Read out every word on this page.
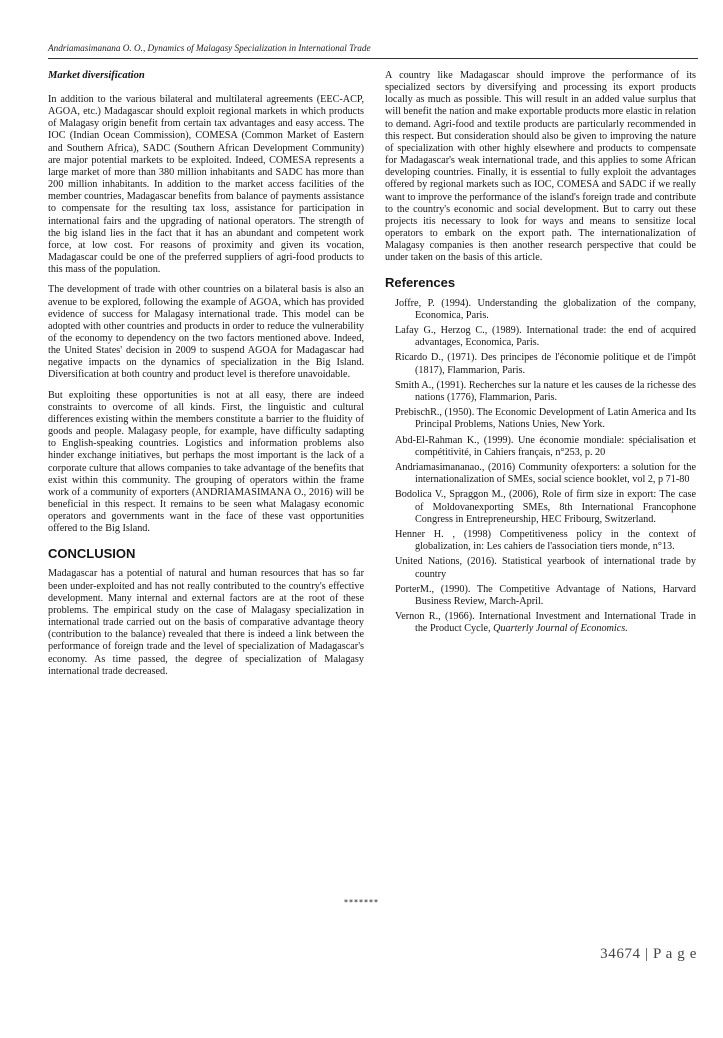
Andriamasimanana O. O., Dynamics of Malagasy Specialization in International Trade
Market diversification

In addition to the various bilateral and multilateral agreements (EEC-ACP, AGOA, etc.) Madagascar should exploit regional markets in which products of Malagasy origin benefit from certain tax advantages and easy access. The IOC (Indian Ocean Commission), COMESA (Common Market of Eastern and Southern Africa), SADC (Southern African Development Community) are major potential markets to be exploited. Indeed, COMESA represents a large market of more than 380 million inhabitants and SADC has more than 200 million inhabitants. In addition to the market access facilities of the member countries, Madagascar benefits from balance of payments assistance to compensate for the resulting tax loss, assistance for participation in international fairs and the upgrading of national operators. The strength of the big island lies in the fact that it has an abundant and competent work force, at low cost. For reasons of proximity and given its vocation, Madagascar could be one of the preferred suppliers of agri-food products to this mass of the population.

The development of trade with other countries on a bilateral basis is also an avenue to be explored, following the example of AGOA, which has provided evidence of success for Malagasy international trade. This model can be adopted with other countries and products in order to reduce the vulnerability of the economy to dependency on the two factors mentioned above. Indeed, the United States' decision in 2009 to suspend AGOA for Madagascar had negative impacts on the dynamics of specialization in the Big Island. Diversification at both country and product level is therefore unavoidable.

But exploiting these opportunities is not at all easy, there are indeed constraints to overcome of all kinds. First, the linguistic and cultural differences existing within the members constitute a barrier to the fluidity of goods and people. Malagasy people, for example, have difficulty sadapting to English-speaking countries. Logistics and information problems also hinder exchange initiatives, but perhaps the most important is the lack of a corporate culture that allows companies to take advantage of the benefits that exist within this community. The grouping of operators within the frame work of a community of exporters (ANDRIAMASIMANA O., 2016) will be beneficial in this respect. It remains to be seen what Malagasy economic operators and governments want in the face of these vast opportunities offered to the Big Island.

CONCLUSION

Madagascar has a potential of natural and human resources that has so far been under-exploited and has not really contributed to the country's effective development. Many internal and external factors are at the root of these problems. The empirical study on the case of Malagasy specialization in international trade carried out on the basis of comparative advantage theory (contribution to the balance) revealed that there is indeed a link between the performance of foreign trade and the level of specialization of Madagascar's economy. As time passed, the degree of specialization of Malagasy international trade decreased.

A country like Madagascar should improve the performance of its specialized sectors by diversifying and processing its export products locally as much as possible. This will result in an added value surplus that will benefit the nation and make exportable products more elastic in relation to demand. Agri-food and textile products are particularly recommended in this respect. But consideration should also be given to improving the nature of specialization with other highly elsewhere and products to compensate for Madagascar's weak international trade, and this applies to some African developing countries. Finally, it is essential to fully exploit the advantages offered by regional markets such as IOC, COMESA and SADC if we really want to improve the performance of the island's foreign trade and contribute to the country's economic and social development. But to carry out these projects itis necessary to look for ways and means to sensitize local operators to embark on the export path. The internationalization of Malagasy companies is then another research perspective that could be under taken on the basis of this article.

References
Joffre, P. (1994). Understanding the globalization of the company, Economica, Paris.
Lafay G., Herzog C., (1989). International trade: the end of acquired advantages, Economica, Paris.
Ricardo D., (1971). Des principes de l'économie politique et de l'impôt (1817), Flammarion, Paris.
Smith A., (1991). Recherches sur la nature et les causes de la richesse des nations (1776), Flammarion, Paris.
PrebischR., (1950). The Economic Development of Latin America and Its Principal Problems, Nations Unies, New York.
Abd-El-Rahman K., (1999). Une économie mondiale: spécialisation et compétitivité, in Cahiers français, n°253, p. 20
Andriamasimananao., (2016) Community ofexporters: a solution for the internationalization of SMEs, social science booklet, vol 2, p 71-80
Bodolica V., Spraggon M., (2006), Role of firm size in export: The case of Moldovanexporting SMEs, 8th International Francophone Congress in Entrepreneurship, HEC Fribourg, Switzerland.
Henner H. , (1998) Competitiveness policy in the context of globalization, in: Les cahiers de l'association tiers monde, n°13.
United Nations, (2016). Statistical yearbook of international trade by country
PorterM., (1990). The Competitive Advantage of Nations, Harvard Business Review, March-April.
Vernon R., (1966). International Investment and International Trade in the Product Cycle, Quarterly Journal of Economics.
*******
34674 | P a g e
